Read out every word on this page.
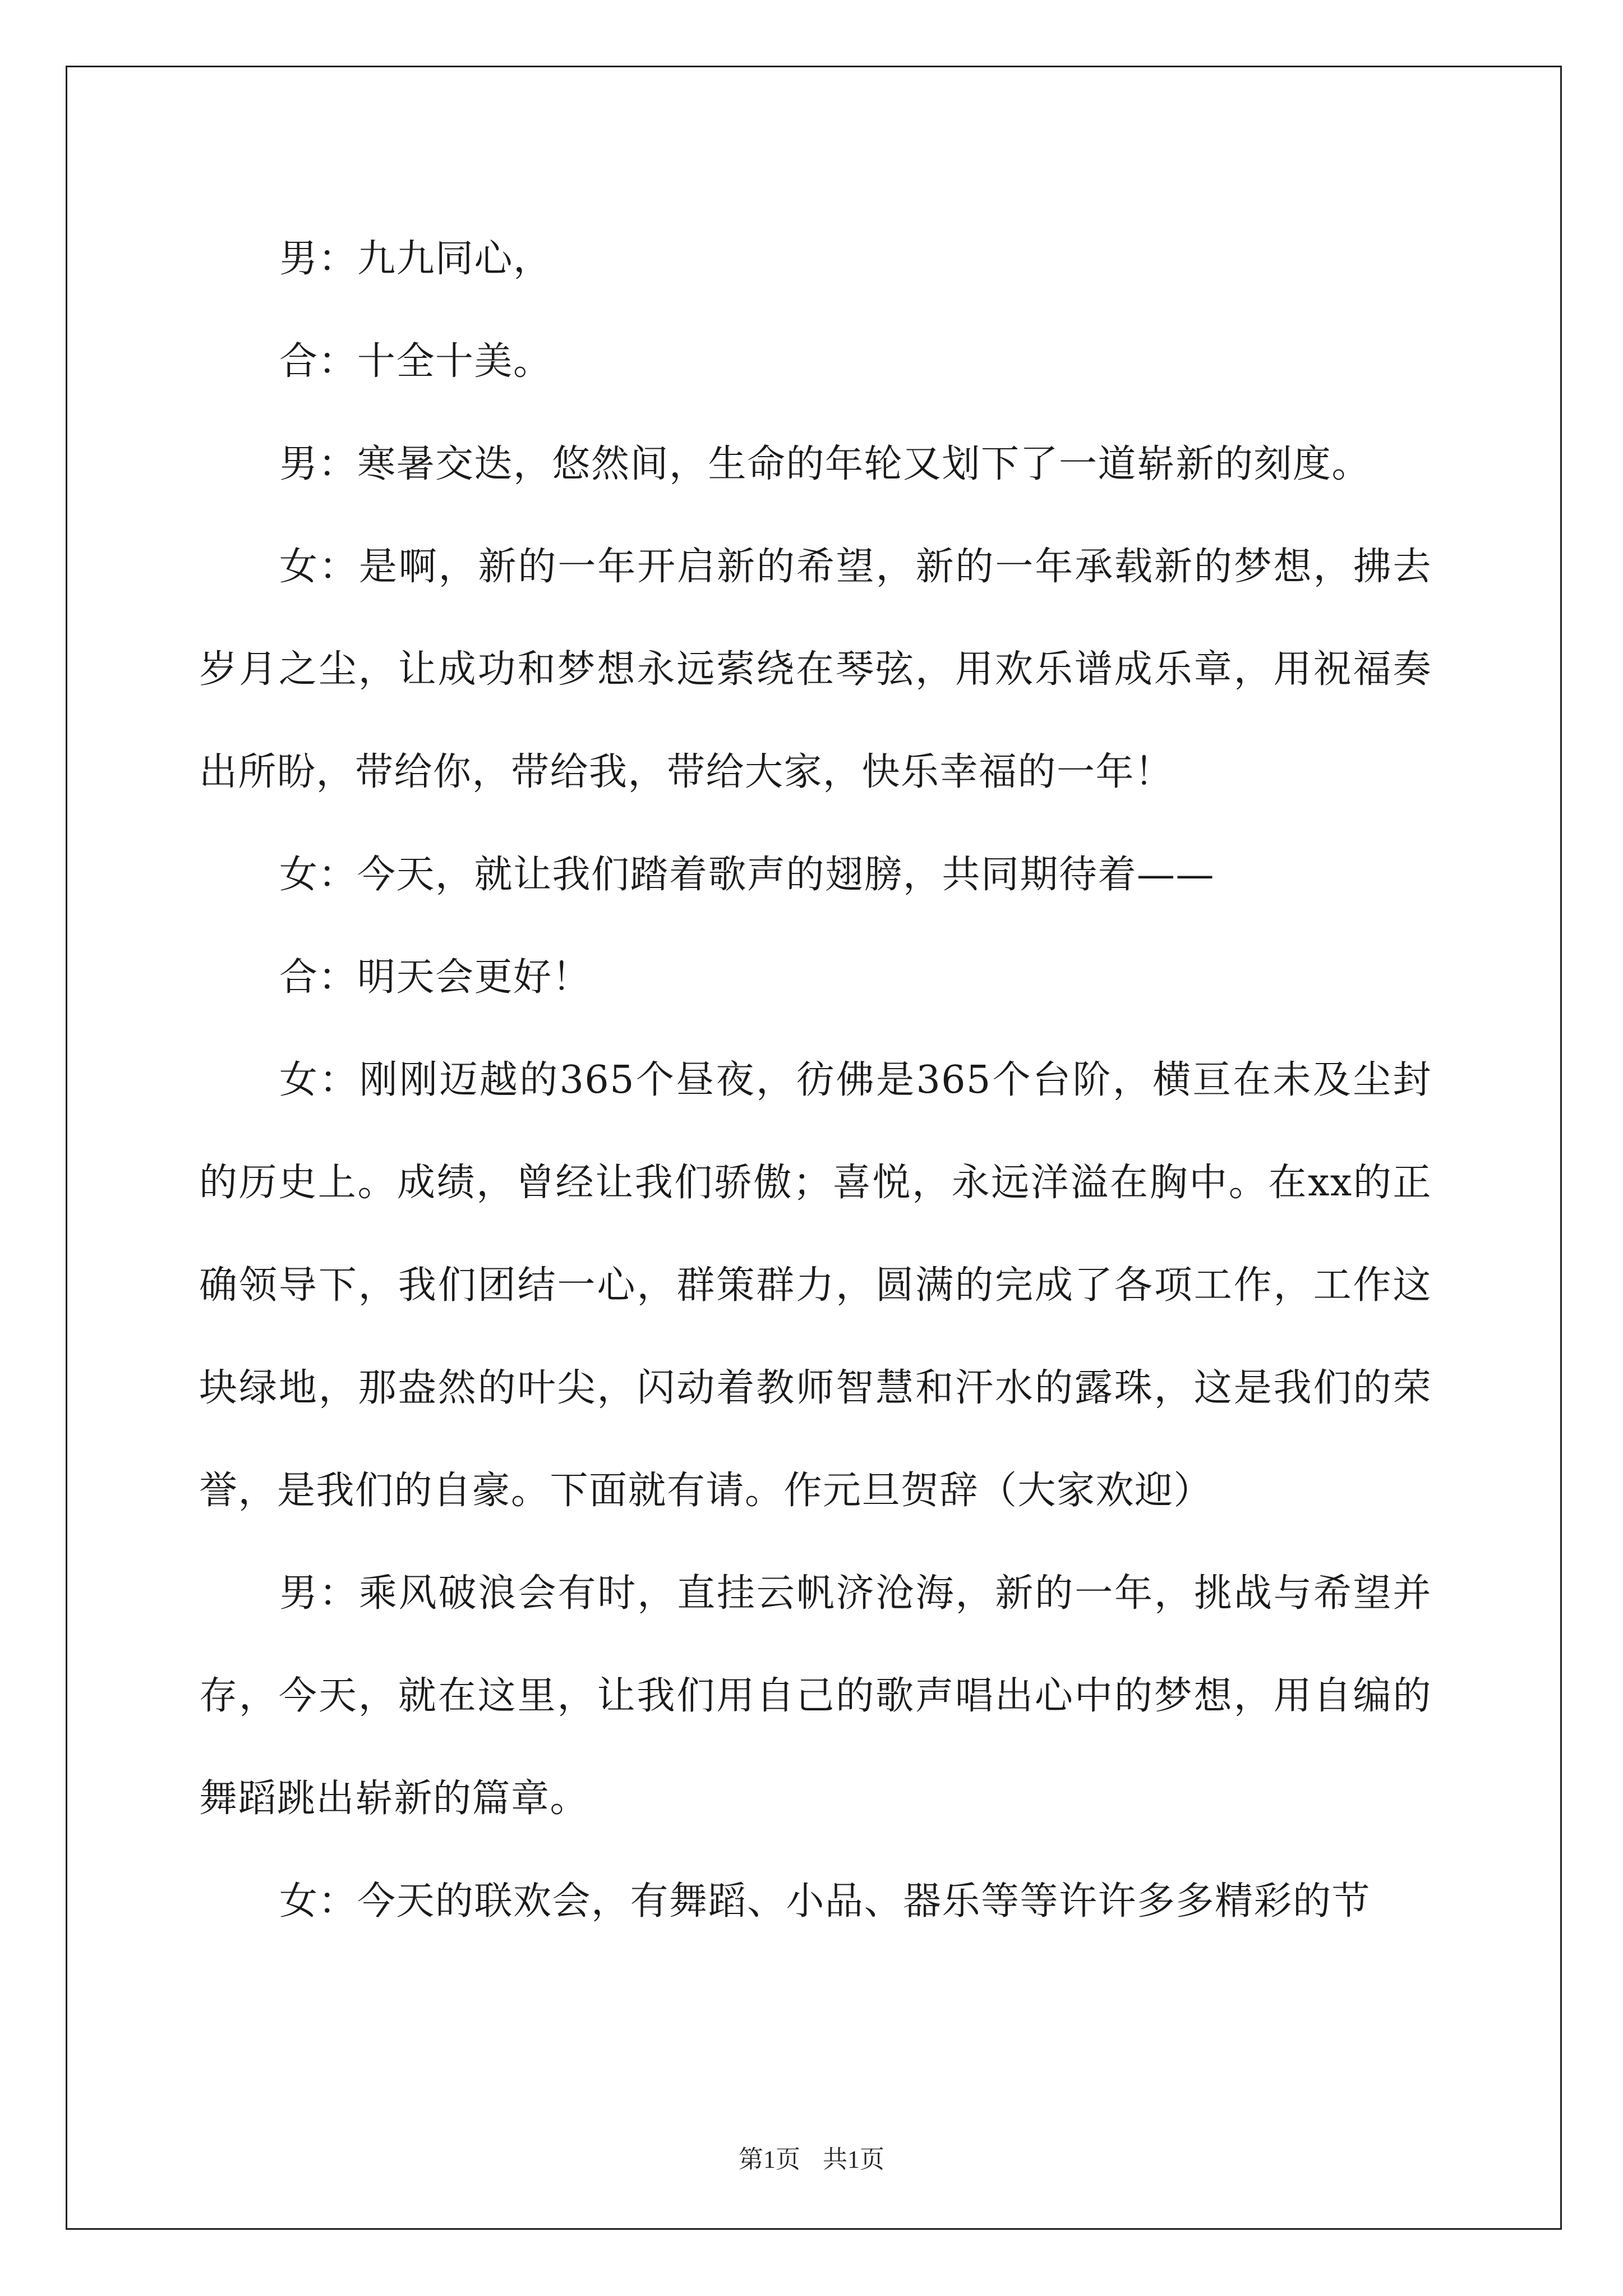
男：九九同心，

合：十全十美。

男：寒暑交迭，悠然间，生命的年轮又划下了一道崭新的刻度。

女：是啊，新的一年开启新的希望，新的一年承载新的梦想，拂去岁月之尘，让成功和梦想永远萦绕在琴弦，用欢乐谱成乐章，用祝福奏出所盼，带给你，带给我，带给大家，快乐幸福的一年！

女：今天，就让我们踏着歌声的翅膀，共同期待着——

合：明天会更好！

女：刚刚迈越的365个昼夜，彷佛是365个台阶，横亘在未及尘封的历史上。成绩，曾经让我们骄傲；喜悦，永远洋溢在胸中。在xx的正确领导下，我们团结一心，群策群力，圆满的完成了各项工作，工作这块绿地，那盎然的叶尖，闪动着教师智慧和汗水的露珠，这是我们的荣誉，是我们的自豪。下面就有请。作元旦贺辞（大家欢迎）

男：乘风破浪会有时，直挂云帆济沧海，新的一年，挑战与希望并存，今天，就在这里，让我们用自己的歌声唱出心中的梦想，用自编的舞蹈跳出崭新的篇章。

女：今天的联欢会，有舞蹈、小品、器乐等等许许多多精彩的节

第1页 共1页
